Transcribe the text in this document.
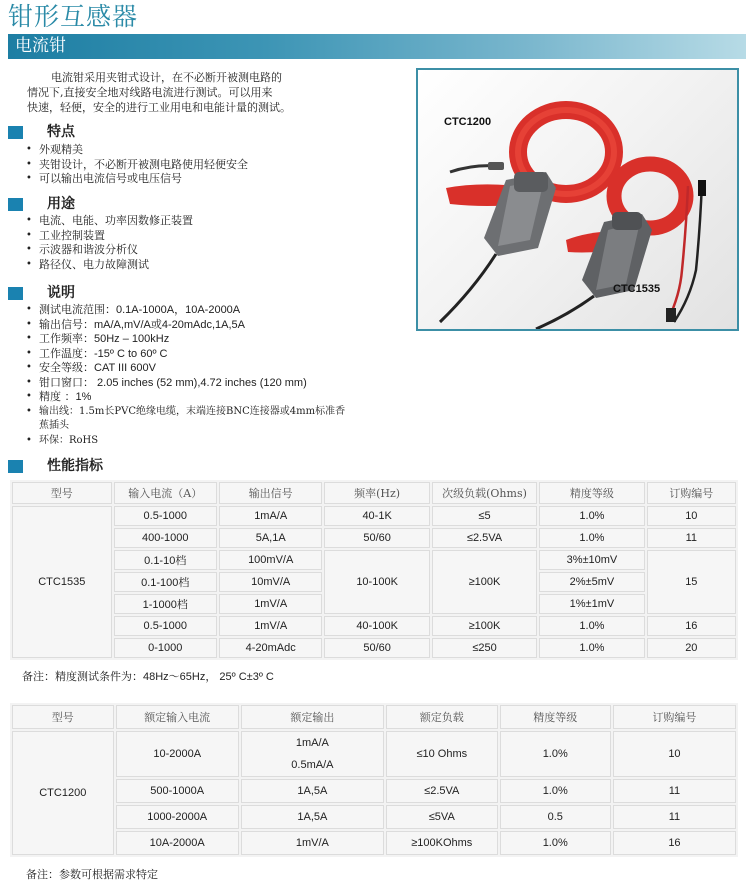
钳形互感器
电流钳
电流钳采用夹钳式设计，在不必断开被测电路的
情况下,直接安全地对线路电流进行测试。可以用来
快速，轻便，安全的进行工业用电和电能计量的测试。
特点
• 外观精美
• 夹钳设计，不必断开被测电路使用轻便安全
• 可以输出电流信号或电压信号
用途
• 电流、电能、功率因数修正装置
• 工业控制装置
• 示波器和谐波分析仪
• 路径仪、电力故障测试
说明
• 测试电流范围：0.1A-1000A，10A-2000A
• 输出信号：mA/A,mV/A或4-20mAdc,1A,5A
• 工作频率：50Hz – 100kHz
• 工作温度：-15º C to 60º C
• 安全等级：CAT III 600V
• 钳口窗口： 2.05 inches (52 mm),4.72 inches (120 mm)
• 精度 ：1%
• 输出线：1.5m长PVC绝缘电缆，末端连接BNC连接器或4mm标准香
蕉插头
• 环保：RoHS
性能指标
CTC1200
CTC1535
型号	输入电流（A）	输出信号	频率(Hz)	次级负载(Ohms)	精度等级	订购编号
CTC1535	0.5-1000	1mA/A	40-1K	≤5	1.0%	10
	400-1000	5A,1A	50/60	≤2.5VA	1.0%	11
	0.1-10档	100mV/A	10-100K	≥100K	3%±10mV	15
	0.1-100档	10mV/A			2%±5mV	
	1-1000档	1mV/A			1%±1mV	
	0.5-1000	1mV/A	40-100K	≥100K	1.0%	16
	0-1000	4-20mAdc	50/60	≤250	1.0%	20
备注：精度测试条件为：48Hz～65Hz， 25º C±3º C
型号	额定输入电流	额定输出	额定负载	精度等级	订购编号
CTC1200	10-2000A	1mA/A
0.5mA/A	≤10 Ohms	1.0%	10
	500-1000A	1A,5A	≤2.5VA	1.0%	11
	1000-2000A	1A,5A	≤5VA	0.5	11
	10A-2000A	1mV/A	≥100KOhms	1.0%	16
备注：参数可根据需求特定
